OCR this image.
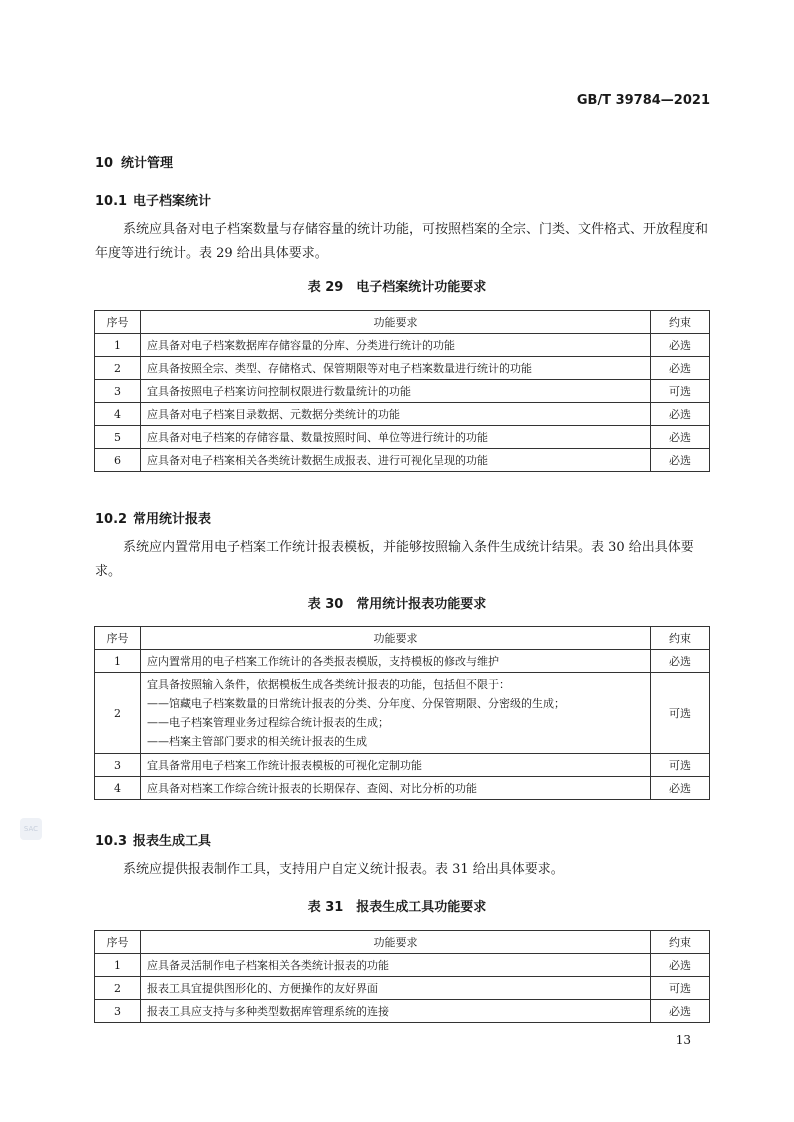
GB/T 39784—2021
10 统计管理
10.1 电子档案统计

系统应具备对电子档案数量与存储容量的统计功能，可按照档案的全宗、门类、文件格式、开放程度和年度等进行统计。表 29 给出具体要求。

表 29　电子档案统计功能要求
序号	功能要求	约束
1	应具备对电子档案数据库存储容量的分库、分类进行统计的功能	必选
2	应具备按照全宗、类型、存储格式、保管期限等对电子档案数量进行统计的功能	必选
3	宜具备按照电子档案访问控制权限进行数量统计的功能	可选
4	应具备对电子档案目录数据、元数据分类统计的功能	必选
5	应具备对电子档案的存储容量、数量按照时间、单位等进行统计的功能	必选
6	应具备对电子档案相关各类统计数据生成报表、进行可视化呈现的功能	必选
10.2 常用统计报表

系统应内置常用电子档案工作统计报表模板，并能够按照输入条件生成统计结果。表 30 给出具体要求。

表 30　常用统计报表功能要求
序号	功能要求	约束
1	应内置常用的电子档案工作统计的各类报表模版，支持模板的修改与维护	必选
2	宜具备按照输入条件，依据模板生成各类统计报表的功能，包括但不限于：
——馆藏电子档案数量的日常统计报表的分类、分年度、分保管期限、分密级的生成；
——电子档案管理业务过程综合统计报表的生成；
——档案主管部门要求的相关统计报表的生成	可选
3	宜具备常用电子档案工作统计报表模板的可视化定制功能	可选
4	应具备对档案工作综合统计报表的长期保存、查阅、对比分析的功能	必选
SAC
10.3 报表生成工具

系统应提供报表制作工具，支持用户自定义统计报表。表 31 给出具体要求。

表 31　报表生成工具功能要求
序号	功能要求	约束
1	应具备灵活制作电子档案相关各类统计报表的功能	必选
2	报表工具宜提供图形化的、方便操作的友好界面	可选
3	报表工具应支持与多种类型数据库管理系统的连接	必选
13
